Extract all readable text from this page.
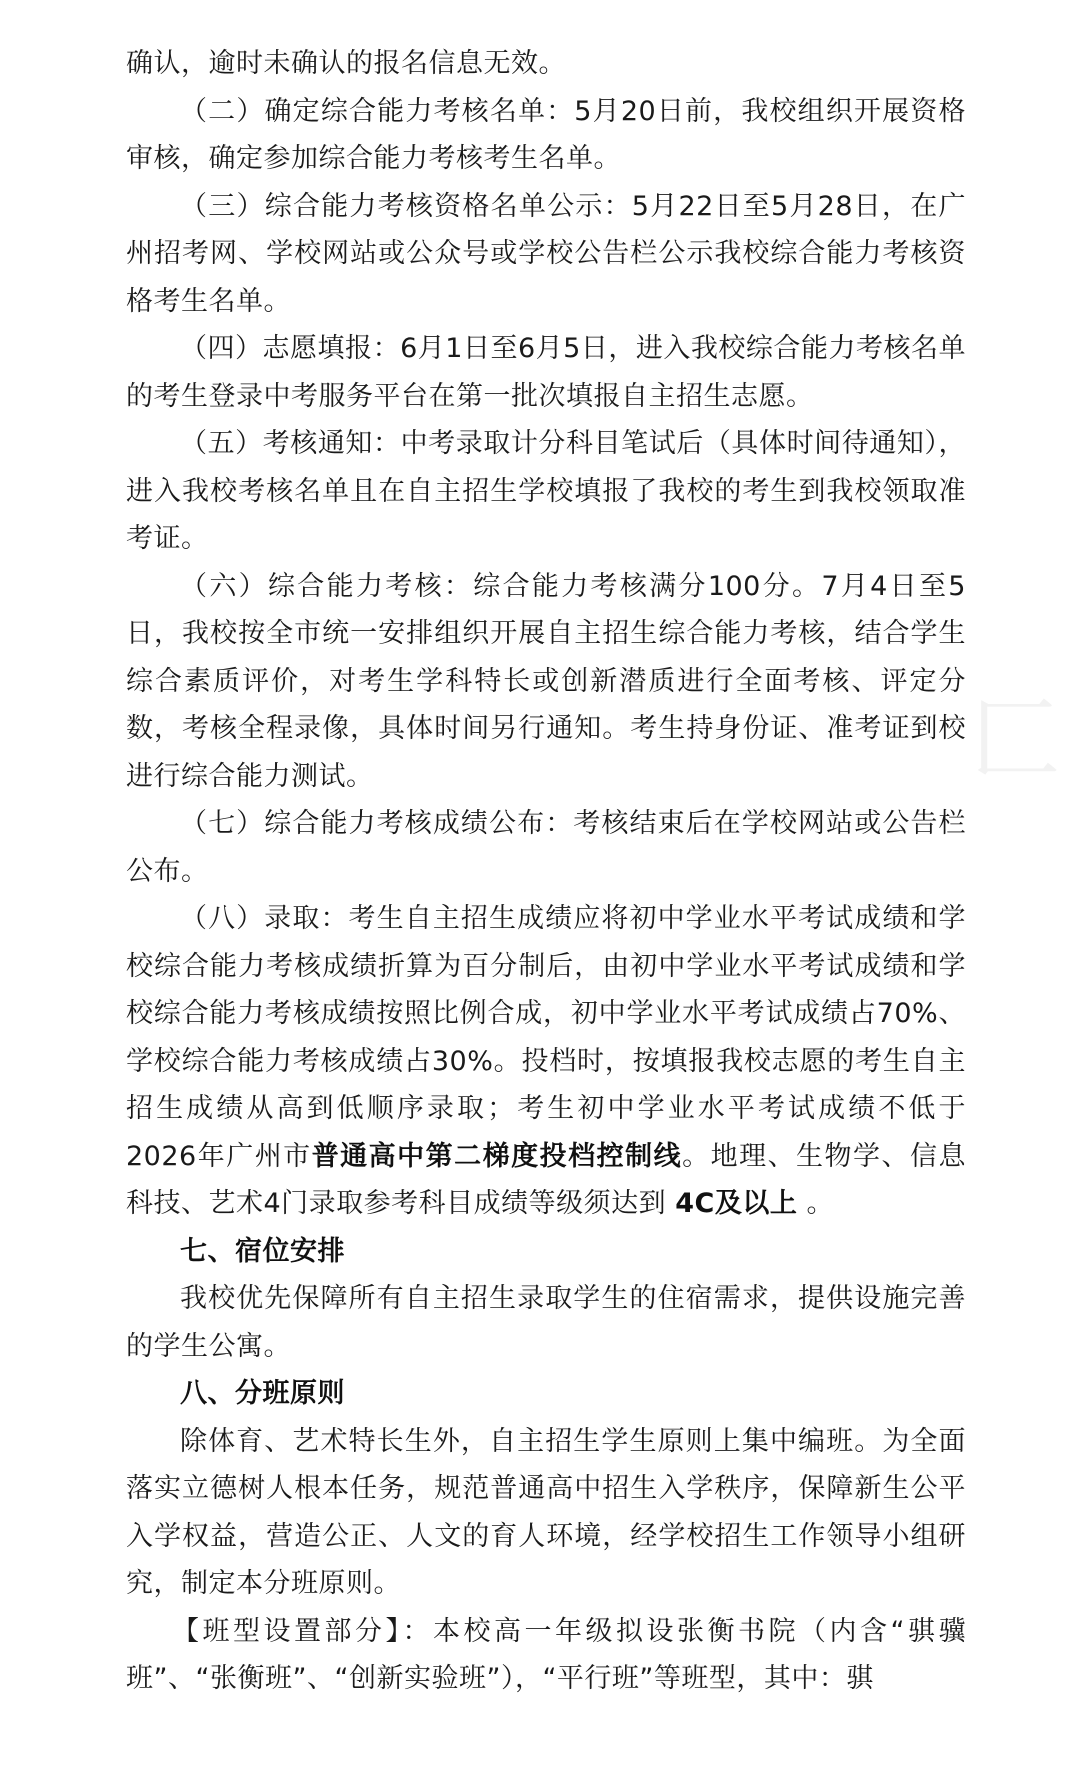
匚

确认，逾时未确认的报名信息无效。

（二）确定综合能力考核名单：5月20日前，我校组织开展资格审核，确定参加综合能力考核考生名单。

（三）综合能力考核资格名单公示：5月22日至5月28日，在广州招考网、学校网站或公众号或学校公告栏公示我校综合能力考核资格考生名单。

（四）志愿填报：6月1日至6月5日，进入我校综合能力考核名单的考生登录中考服务平台在第一批次填报自主招生志愿。

（五）考核通知：中考录取计分科目笔试后（具体时间待通知），进入我校考核名单且在自主招生学校填报了我校的考生到我校领取准考证。

（六）综合能力考核：综合能力考核满分100分。7月4日至5日，我校按全市统一安排组织开展自主招生综合能力考核，结合学生综合素质评价，对考生学科特长或创新潜质进行全面考核、评定分数，考核全程录像，具体时间另行通知。考生持身份证、准考证到校进行综合能力测试。

（七）综合能力考核成绩公布：考核结束后在学校网站或公告栏公布。

（八）录取：考生自主招生成绩应将初中学业水平考试成绩和学校综合能力考核成绩折算为百分制后，由初中学业水平考试成绩和学校综合能力考核成绩按照比例合成，初中学业水平考试成绩占70%、学校综合能力考核成绩占30%。投档时，按填报我校志愿的考生自主招生成绩从高到低顺序录取；考生初中学业水平考试成绩不低于2026年广州市普通高中第二梯度投档控制线。地理、生物学、信息科技、艺术4门录取参考科目成绩等级须达到 4C及以上 。

七、宿位安排

我校优先保障所有自主招生录取学生的住宿需求，提供设施完善的学生公寓。

八、分班原则

除体育、艺术特长生外，自主招生学生原则上集中编班。为全面落实立德树人根本任务，规范普通高中招生入学秩序，保障新生公平入学权益，营造公正、人文的育人环境，经学校招生工作领导小组研究，制定本分班原则。

【班型设置部分】：本校高一年级拟设张衡书院（内含“骐骥班”、“张衡班”、“创新实验班”），“平行班”等班型，其中：骐
